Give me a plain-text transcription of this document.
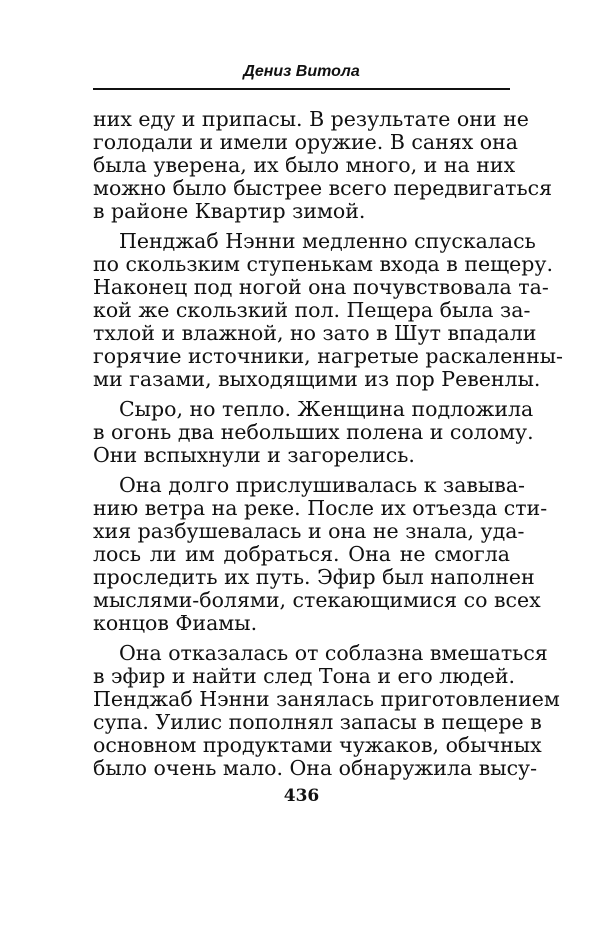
Дениз Витола
них еду и припасы. В результате они не
голодали и имели оружие. В санях она
была уверена, их было много, и на них
можно было быстрее всего передвигаться
в районе Квартир зимой.
Пенджаб Нэнни медленно спускалась
по скользким ступенькам входа в пещеру.
Наконец под ногой она почувствовала та-
кой же скользкий пол. Пещера была за-
тхлой и влажной, но зато в Шут впадали
горячие источники, нагретые раскаленны-
ми газами, выходящими из пор Ревенлы.
Сыро, но тепло. Женщина подложила
в огонь два небольших полена и солому.
Они вспыхнули и загорелись.
Она долго прислушивалась к завыва-
нию ветра на реке. После их отъезда сти-
хия разбушевалась и она не знала, уда-
лось ли им добраться. Она не смогла
проследить их путь. Эфир был наполнен
мыслями-болями, стекающимися со всех
концов Фиамы.
Она отказалась от соблазна вмешаться
в эфир и найти след Тона и его людей.
Пенджаб Нэнни занялась приготовлением
супа. Уилис пополнял запасы в пещере в
основном продуктами чужаков, обычных
было очень мало. Она обнаружила высу-
436
